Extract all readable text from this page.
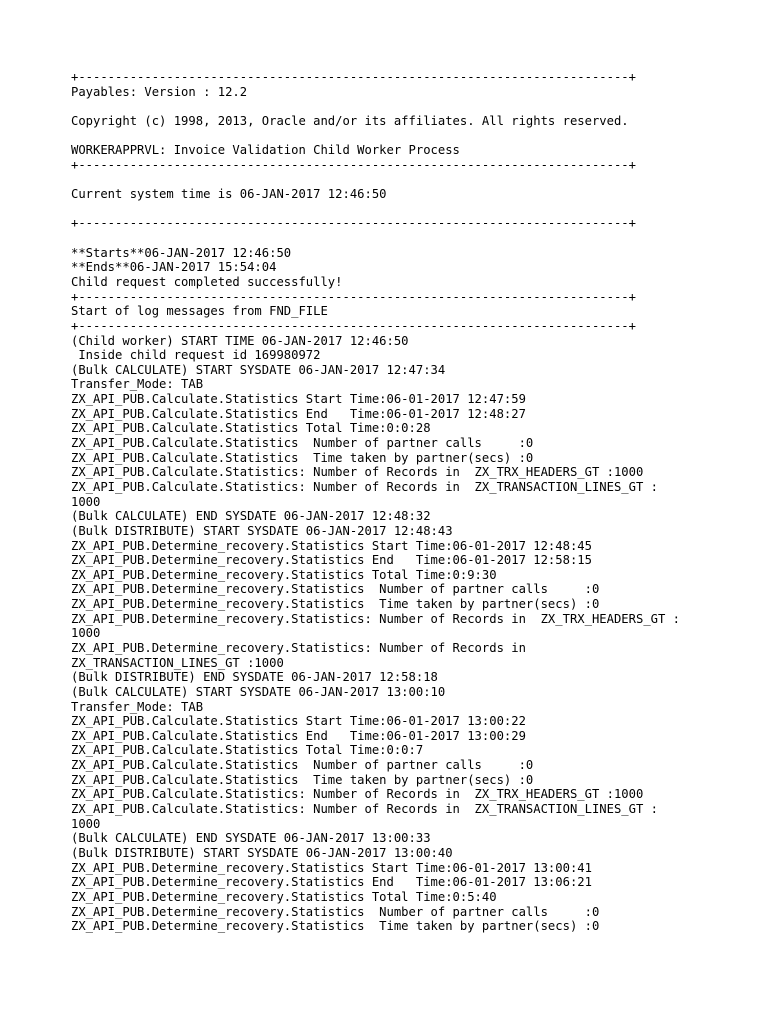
+---------------------------------------------------------------------------+
Payables: Version : 12.2
Copyright (c) 1998, 2013, Oracle and/or its affiliates. All rights reserved.
WORKERAPPRVL: Invoice Validation Child Worker Process
+---------------------------------------------------------------------------+
Current system time is 06-JAN-2017 12:46:50
+---------------------------------------------------------------------------+
**Starts**06-JAN-2017 12:46:50
**Ends**06-JAN-2017 15:54:04
Child request completed successfully!
+---------------------------------------------------------------------------+
Start of log messages from FND_FILE
+---------------------------------------------------------------------------+
(Child worker) START TIME 06-JAN-2017 12:46:50
Inside child request id 169980972
(Bulk CALCULATE) START SYSDATE 06-JAN-2017 12:47:34
Transfer_Mode: TAB
ZX_API_PUB.Calculate.Statistics Start Time:06-01-2017 12:47:59
ZX_API_PUB.Calculate.Statistics End   Time:06-01-2017 12:48:27
ZX_API_PUB.Calculate.Statistics Total Time:0:0:28
ZX_API_PUB.Calculate.Statistics  Number of partner calls     :0
ZX_API_PUB.Calculate.Statistics  Time taken by partner(secs) :0
ZX_API_PUB.Calculate.Statistics: Number of Records in  ZX_TRX_HEADERS_GT :1000
ZX_API_PUB.Calculate.Statistics: Number of Records in  ZX_TRANSACTION_LINES_GT :
1000
(Bulk CALCULATE) END SYSDATE 06-JAN-2017 12:48:32
(Bulk DISTRIBUTE) START SYSDATE 06-JAN-2017 12:48:43
ZX_API_PUB.Determine_recovery.Statistics Start Time:06-01-2017 12:48:45
ZX_API_PUB.Determine_recovery.Statistics End   Time:06-01-2017 12:58:15
ZX_API_PUB.Determine_recovery.Statistics Total Time:0:9:30
ZX_API_PUB.Determine_recovery.Statistics  Number of partner calls     :0
ZX_API_PUB.Determine_recovery.Statistics  Time taken by partner(secs) :0
ZX_API_PUB.Determine_recovery.Statistics: Number of Records in  ZX_TRX_HEADERS_GT :
1000
ZX_API_PUB.Determine_recovery.Statistics: Number of Records in
ZX_TRANSACTION_LINES_GT :1000
(Bulk DISTRIBUTE) END SYSDATE 06-JAN-2017 12:58:18
(Bulk CALCULATE) START SYSDATE 06-JAN-2017 13:00:10
Transfer_Mode: TAB
ZX_API_PUB.Calculate.Statistics Start Time:06-01-2017 13:00:22
ZX_API_PUB.Calculate.Statistics End   Time:06-01-2017 13:00:29
ZX_API_PUB.Calculate.Statistics Total Time:0:0:7
ZX_API_PUB.Calculate.Statistics  Number of partner calls     :0
ZX_API_PUB.Calculate.Statistics  Time taken by partner(secs) :0
ZX_API_PUB.Calculate.Statistics: Number of Records in  ZX_TRX_HEADERS_GT :1000
ZX_API_PUB.Calculate.Statistics: Number of Records in  ZX_TRANSACTION_LINES_GT :
1000
(Bulk CALCULATE) END SYSDATE 06-JAN-2017 13:00:33
(Bulk DISTRIBUTE) START SYSDATE 06-JAN-2017 13:00:40
ZX_API_PUB.Determine_recovery.Statistics Start Time:06-01-2017 13:00:41
ZX_API_PUB.Determine_recovery.Statistics End   Time:06-01-2017 13:06:21
ZX_API_PUB.Determine_recovery.Statistics Total Time:0:5:40
ZX_API_PUB.Determine_recovery.Statistics  Number of partner calls     :0
ZX_API_PUB.Determine_recovery.Statistics  Time taken by partner(secs) :0
